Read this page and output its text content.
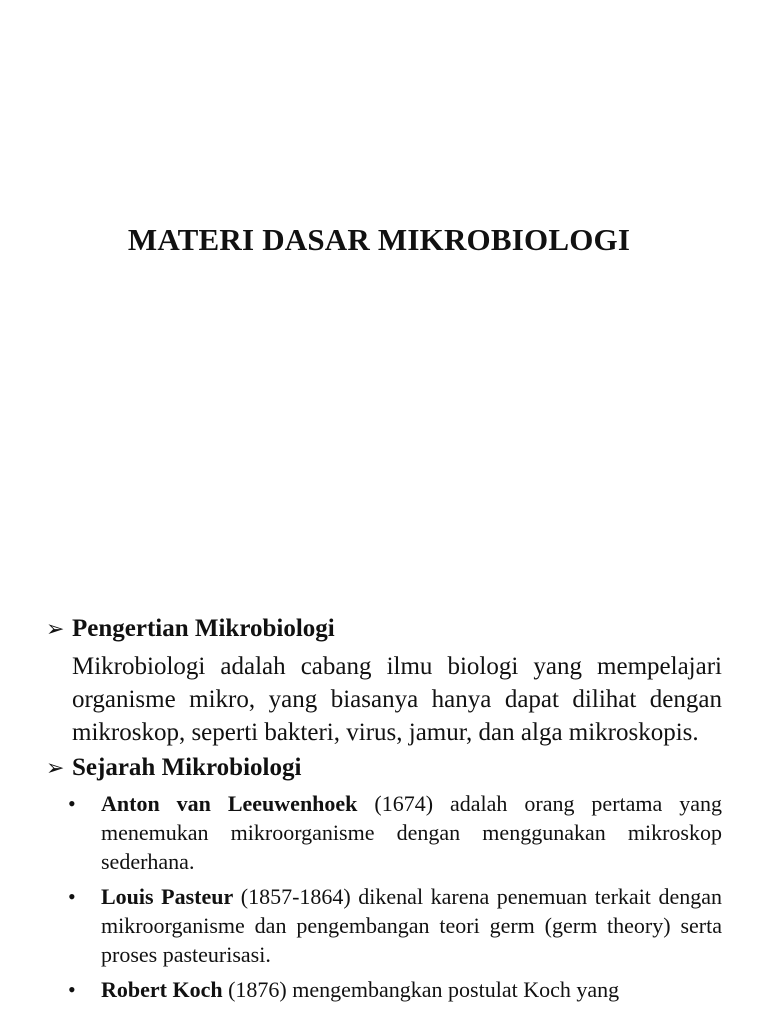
MATERI DASAR MIKROBIOLOGI
➢ Pengertian Mikrobiologi

Mikrobiologi adalah cabang ilmu biologi yang mempelajari organisme mikro, yang biasanya hanya dapat dilihat dengan mikroskop, seperti bakteri, virus, jamur, dan alga mikroskopis.

➢ Sejarah Mikrobiologi
•	Anton van Leeuwenhoek (1674) adalah orang pertama yang menemukan mikroorganisme dengan menggunakan mikroskop sederhana.
•	Louis Pasteur (1857-1864) dikenal karena penemuan terkait dengan mikroorganisme dan pengembangan teori germ (germ theory) serta proses pasteurisasi.
•	Robert Koch (1876) mengembangkan postulat Koch yang
